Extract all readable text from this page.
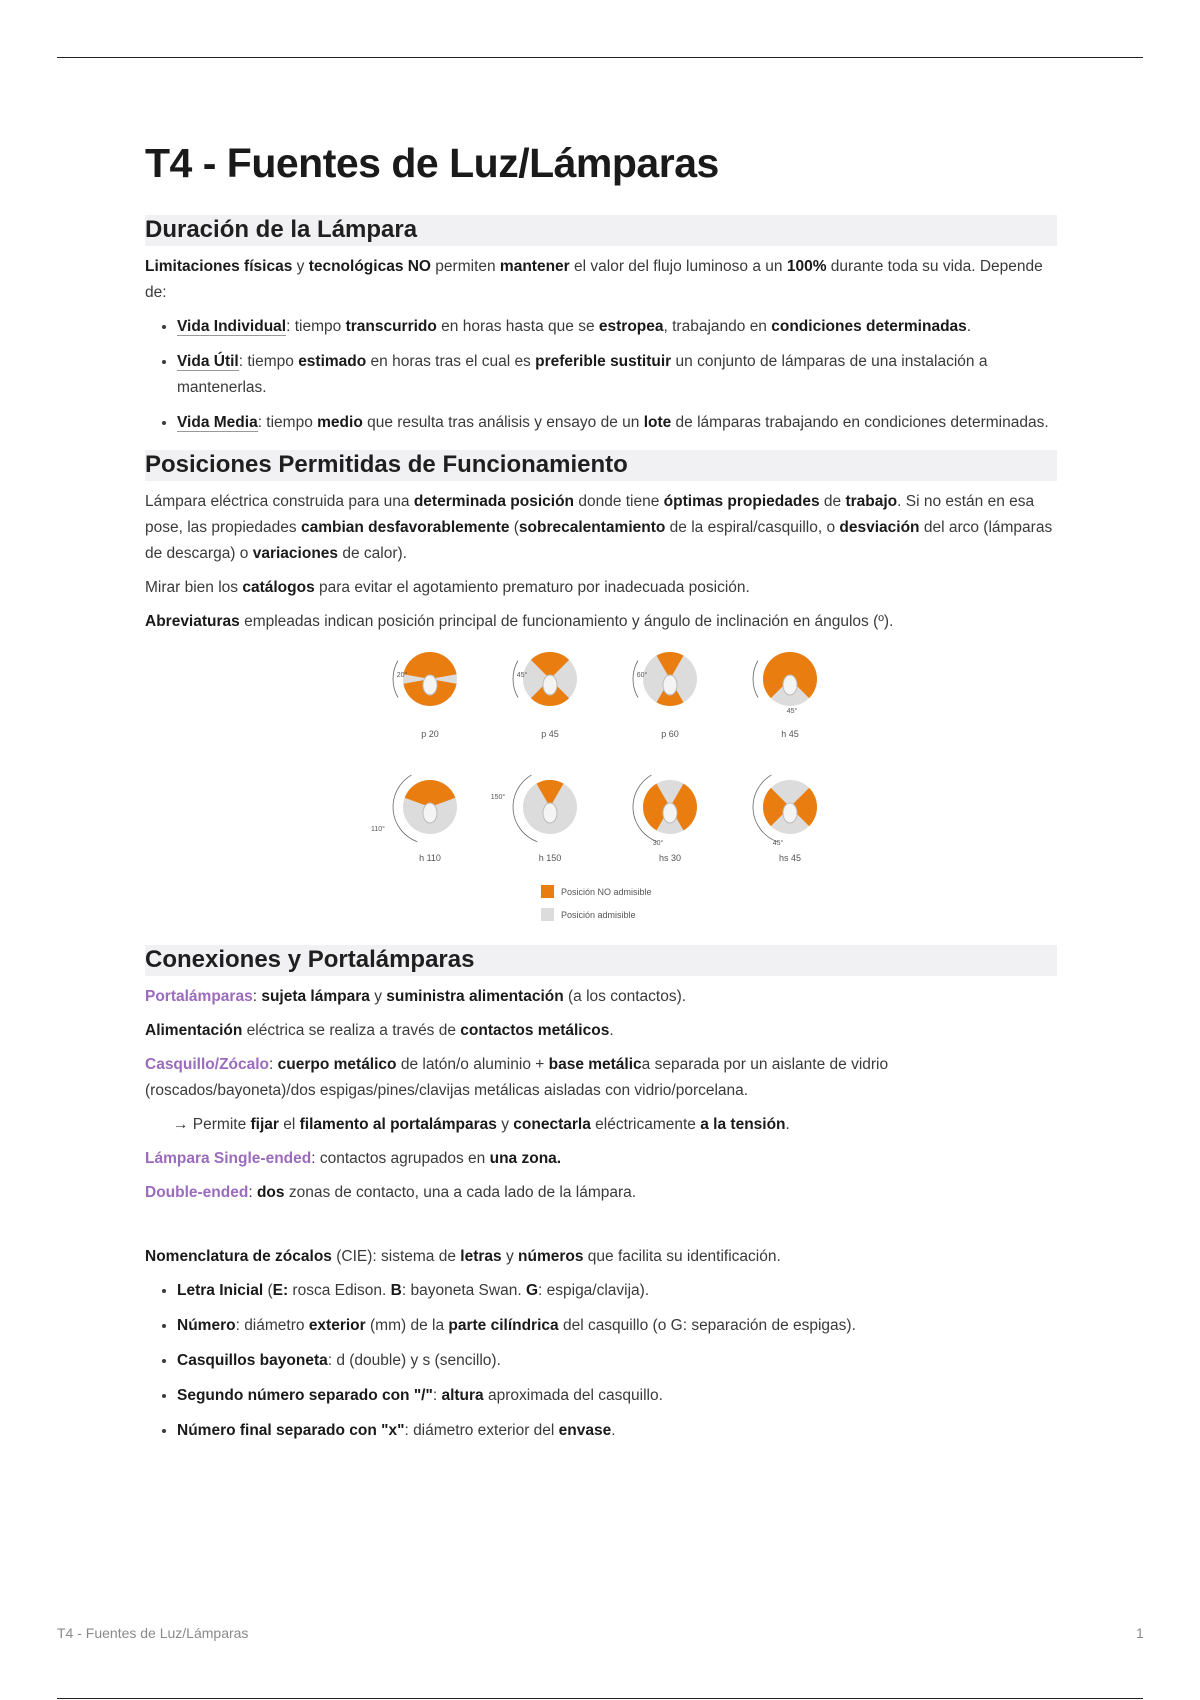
T4 - Fuentes de Luz/Lámparas
Duración de la Lámpara

Limitaciones físicas y tecnológicas NO permiten mantener el valor del flujo luminoso a un 100% durante toda su vida. Depende de:

• Vida Individual: tiempo transcurrido en horas hasta que se estropea, trabajando en condiciones determinadas.
• Vida Útil: tiempo estimado en horas tras el cual es preferible sustituir un conjunto de lámparas de una instalación a mantenerlas.
• Vida Media: tiempo medio que resulta tras análisis y ensayo de un lote de lámparas trabajando en condiciones determinadas.
Posiciones Permitidas de Funcionamiento

Lámpara eléctrica construida para una determinada posición donde tiene óptimas propiedades de trabajo. Si no están en esa pose, las propiedades cambian desfavorablemente (sobrecalentamiento de la espiral/casquillo, o desviación del arco (lámparas de descarga) o variaciones de calor).

Mirar bien los catálogos para evitar el agotamiento prematuro por inadecuada posición.

Abreviaturas empleadas indican posición principal de funcionamiento y ángulo de inclinación en ángulos (º).

20°
p 20
45°
p 45
60°
p 60
45°
h 45
110°
h 110
150°
h 150
30°
hs 30
45°
hs 45
Posición NO admisible
Posición admisible
Conexiones y Portalámparas

Portalámparas: sujeta lámpara y suministra alimentación (a los contactos).

Alimentación eléctrica se realiza a través de contactos metálicos.

Casquillo/Zócalo: cuerpo metálico de latón/o aluminio + base metálica separada por un aislante de vidrio (roscados/bayoneta)/dos espigas/pines/clavijas metálicas aisladas con vidrio/porcelana.

→ Permite fijar el filamento al portalámparas y conectarla eléctricamente a la tensión.

Lámpara Single-ended: contactos agrupados en una zona.

Double-ended: dos zonas de contacto, una a cada lado de la lámpara.

Nomenclatura de zócalos (CIE): sistema de letras y números que facilita su identificación.

• Letra Inicial (E: rosca Edison. B: bayoneta Swan. G: espiga/clavija).
• Número: diámetro exterior (mm) de la parte cilíndrica del casquillo (o G: separación de espigas).
• Casquillos bayoneta: d (double) y s (sencillo).
• Segundo número separado con "/": altura aproximada del casquillo.
• Número final separado con "x": diámetro exterior del envase.
T4 - Fuentes de Luz/Lámparas	1
